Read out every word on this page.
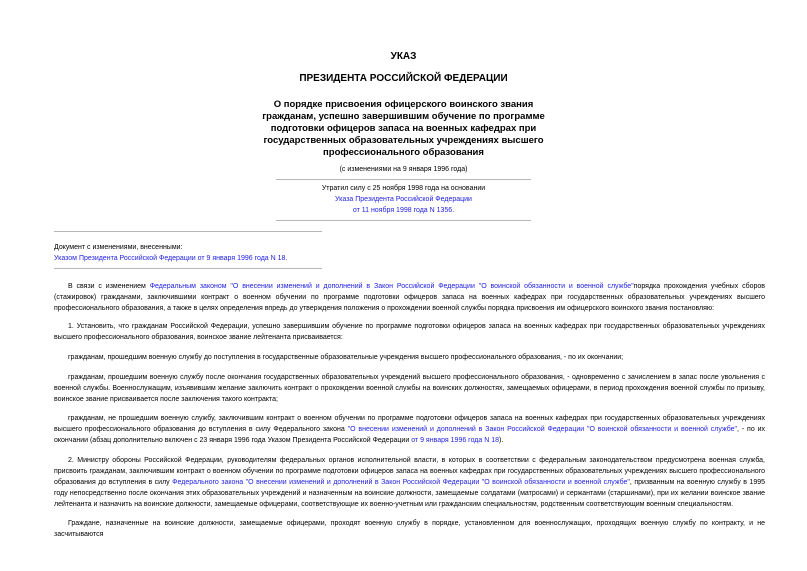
УКАЗ
ПРЕЗИДЕНТА РОССИЙСКОЙ ФЕДЕРАЦИИ
О порядке присвоения офицерского воинского звания гражданам, успешно завершившим обучение по программе подготовки офицеров запаса на военных кафедрах при государственных образовательных учреждениях высшего профессионального образования
(с изменениями на 9 января 1996 года)
Утратил силу с 25 ноября 1998 года на основании
Указа Президента Российской Федерации
от 11 ноября 1998 года N 1356.
Документ с изменениями, внесенными:
Указом Президента Российской Федерации от 9 января 1996 года N 18.
В связи с изменением Федеральным законом "О внесении изменений и дополнений в Закон Российской Федерации "О воинской обязанности и военной службе"порядка прохождения учебных сборов (стажировок) гражданами, заключившими контракт о военном обучении по программе подготовки офицеров запаса на военных кафедрах при государственных образовательных учреждениях высшего профессионального образования, а также в целях определения впредь до утверждения положения о прохождении военной службы порядка присвоения им офицерского воинского звания постановляю:
1. Установить, что гражданам Российской Федерации, успешно завершившим обучение по программе подготовки офицеров запаса на военных кафедрах при государственных образовательных учреждениях высшего профессионального образования, воинское звание лейтенанта присваивается:
гражданам, прошедшим военную службу до поступления в государственные образовательные учреждения высшего профессионального образования, - по их окончании;
гражданам, прошедшим военную службу после окончания государственных образовательных учреждений высшего профессионального образования, - одновременно с зачислением в запас после увольнения с военной службы. Военнослужащим, изъявившим желание заключить контракт о прохождении военной службы на воинских должностях, замещаемых офицерами, в период прохождения военной службы по призыву, воинское звание присваивается после заключения такого контракта;
гражданам, не прошедшим военную службу, заключившим контракт о военном обучении по программе подготовки офицеров запаса на военных кафедрах при государственных образовательных учреждениях высшего профессионального образования до вступления в силу Федерального закона "О внесении изменений и дополнений в Закон Российской Федерации "О воинской обязанности и военной службе", - по их окончании (абзац дополнительно включен с 23 января 1996 года Указом Президента Российской Федерации от 9 января 1996 года N 18).
2. Министру обороны Российской Федерации, руководителям федеральных органов исполнительной власти, в которых в соответствии с федеральным законодательством предусмотрена военная служба, присвоить гражданам, заключившим контракт о военном обучении по программе подготовки офицеров запаса на военных кафедрах при государственных образовательных учреждениях высшего профессионального образования до вступления в силу Федерального закона "О внесении изменений и дополнений в Закон Российской Федерации "О воинской обязанности и военной службе", призванным на военную службу в 1995 году непосредственно после окончания этих образовательных учреждений и назначенным на воинские должности, замещаемые солдатами (матросами) и сержантами (старшинами), при их желании воинское звание лейтенанта и назначить на воинские должности, замещаемые офицерами, соответствующие их военно-учетным или гражданским специальностям, родственным соответствующим военным специальностям.
Граждане, назначенные на воинские должности, замещаемые офицерами, проходят военную службу в порядке, установленном для военнослужащих, проходящих военную службу по контракту, и не засчитываются
